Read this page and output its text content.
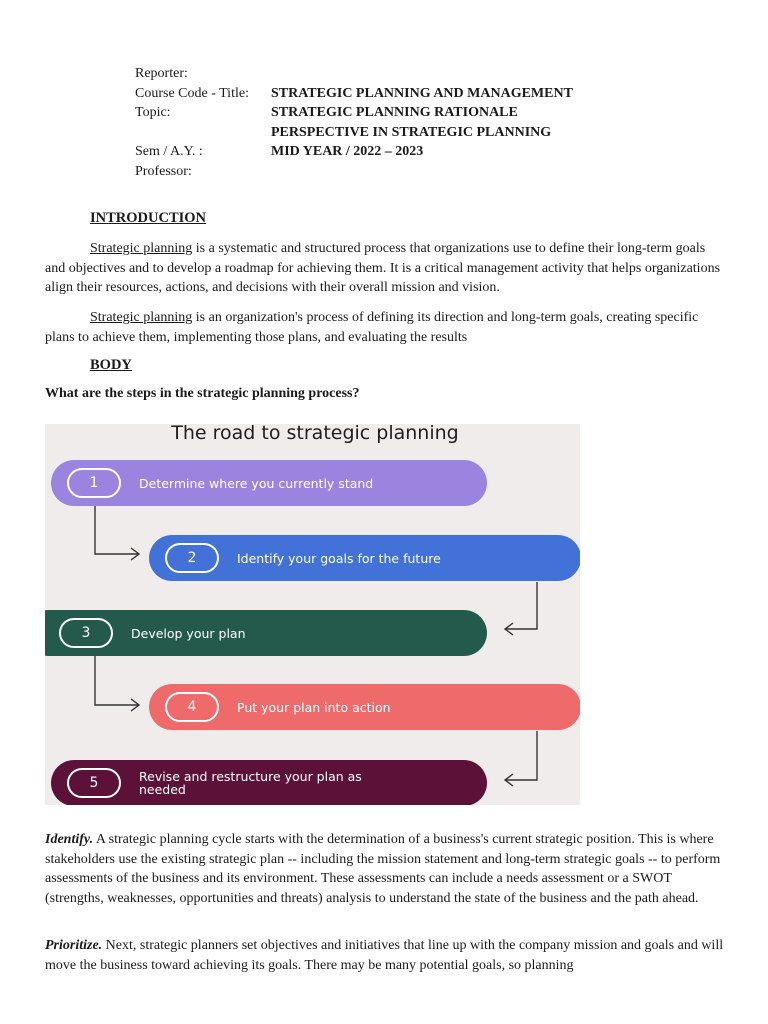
Reporter:
Course Code - Title:	STRATEGIC PLANNING AND MANAGEMENT
Topic:	STRATEGIC PLANNING RATIONALE
PERSPECTIVE IN STRATEGIC PLANNING
Sem / A.Y. :	MID YEAR / 2022 – 2023
Professor:
INTRODUCTION

Strategic planning is a systematic and structured process that organizations use to define their long-term goals and objectives and to develop a roadmap for achieving them. It is a critical management activity that helps organizations align their resources, actions, and decisions with their overall mission and vision.

Strategic planning is an organization's process of defining its direction and long-term goals, creating specific plans to achieve them, implementing those plans, and evaluating the results

BODY
What are the steps in the strategic planning process?
The road to strategic planning
1	Determine where you currently stand
2	Identify your goals for the future
3	Develop your plan
4	Put your plan into action
5	Revise and restructure your plan as needed

Identify. A strategic planning cycle starts with the determination of a business's current strategic position. This is where stakeholders use the existing strategic plan -- including the mission statement and long-term strategic goals -- to perform assessments of the business and its environment. These assessments can include a needs assessment or a SWOT (strengths, weaknesses, opportunities and threats) analysis to understand the state of the business and the path ahead.

Prioritize. Next, strategic planners set objectives and initiatives that line up with the company mission and goals and will move the business toward achieving its goals. There may be many potential goals, so planning
